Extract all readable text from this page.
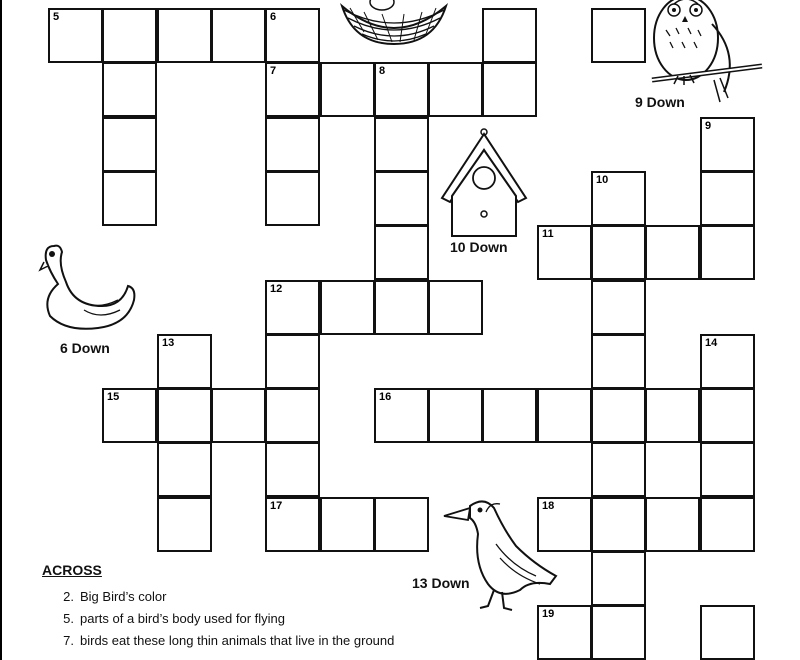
5	6
7	8
9
10
11
12
13	14
15	16
17	18
19
9 Down
10 Down
6 Down
13 Down
ACROSS
2. Big Bird’s color
5. parts of a bird’s body used for flying
7. birds eat these long thin animals that live in the ground
